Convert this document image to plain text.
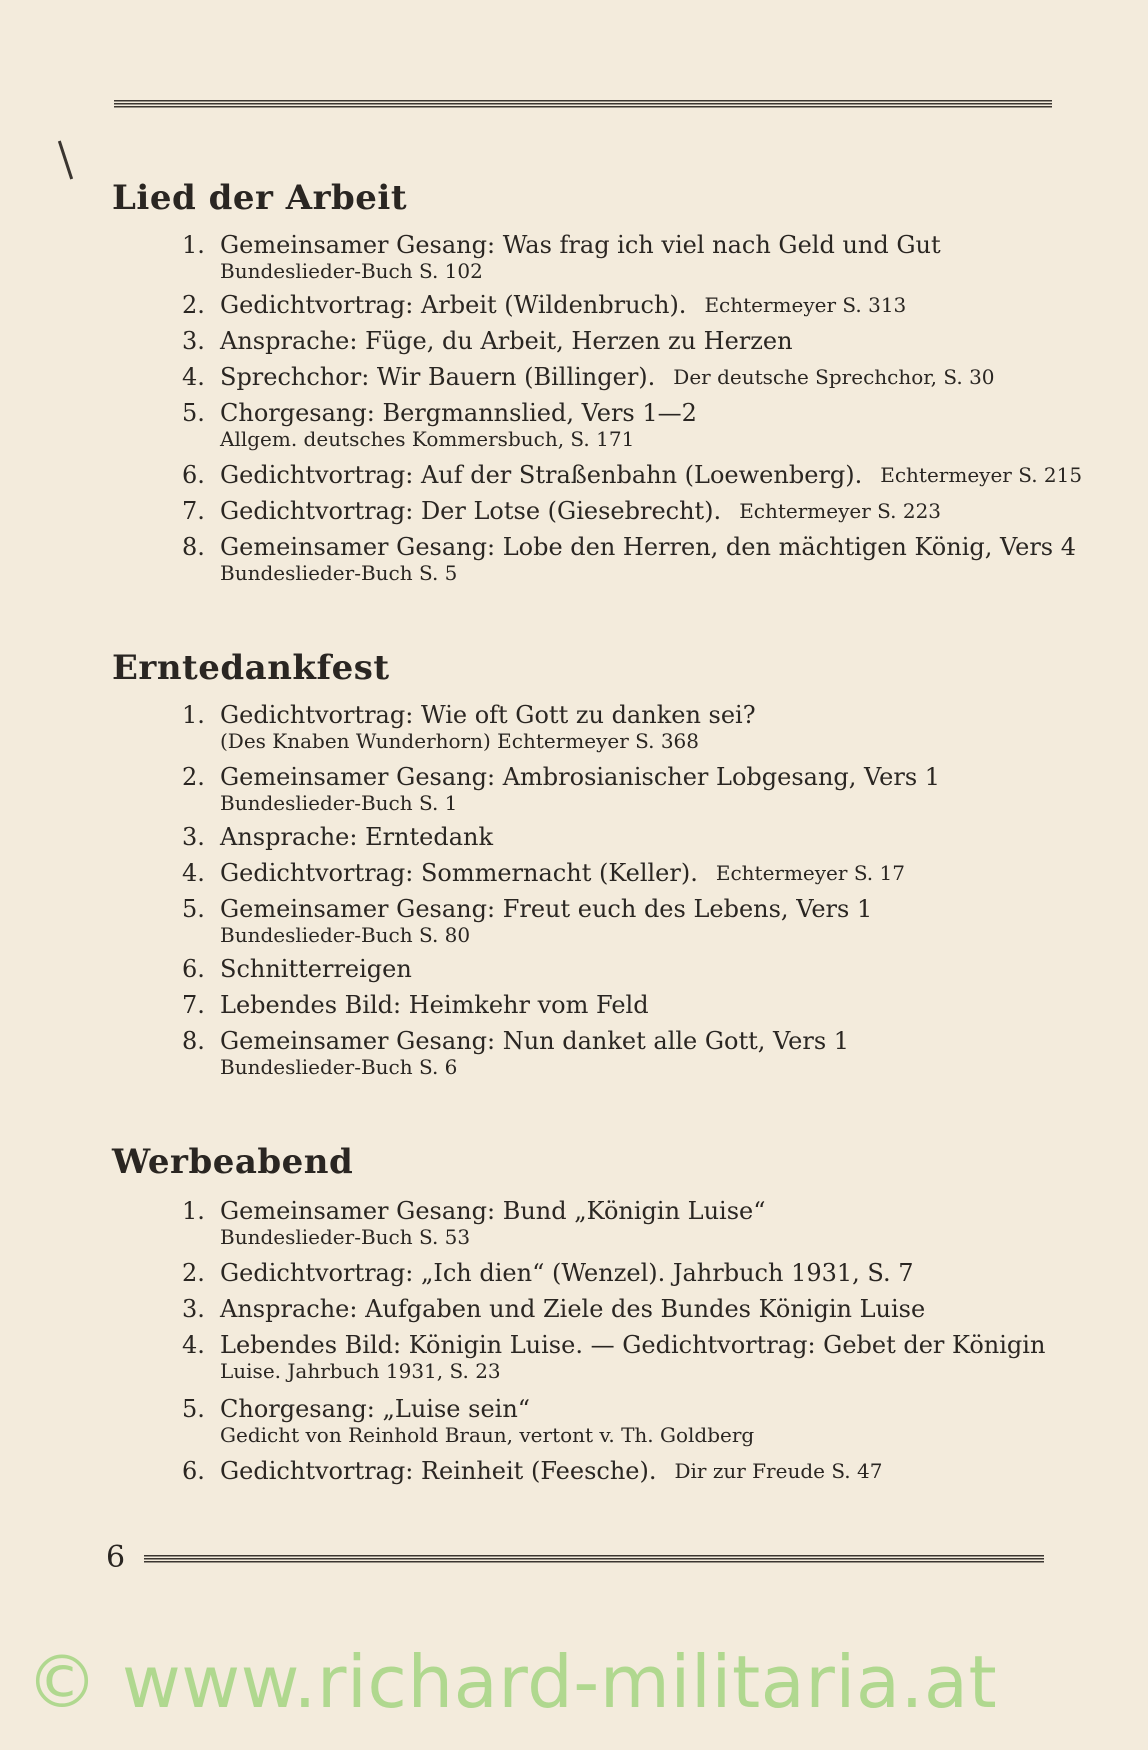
Lied der Arbeit
1. Gemeinsamer Gesang: Was frag ich viel nach Geld und Gut
Bundeslieder-Buch S. 102
2. Gedichtvortrag: Arbeit (Wildenbruch). Echtermeyer S. 313
3. Ansprache: Füge, du Arbeit, Herzen zu Herzen
4. Sprechchor: Wir Bauern (Billinger). Der deutsche Sprechchor, S. 30
5. Chorgesang: Bergmannslied, Vers 1—2
Allgem. deutsches Kommersbuch, S. 171
6. Gedichtvortrag: Auf der Straßenbahn (Loewenberg). Echtermeyer S. 215
7. Gedichtvortrag: Der Lotse (Giesebrecht). Echtermeyer S. 223
8. Gemeinsamer Gesang: Lobe den Herren, den mächtigen König, Vers 4
Bundeslieder-Buch S. 5
Erntedankfest
1. Gedichtvortrag: Wie oft Gott zu danken sei?
(Des Knaben Wunderhorn) Echtermeyer S. 368
2. Gemeinsamer Gesang: Ambrosianischer Lobgesang, Vers 1
Bundeslieder-Buch S. 1
3. Ansprache: Erntedank
4. Gedichtvortrag: Sommernacht (Keller). Echtermeyer S. 17
5. Gemeinsamer Gesang: Freut euch des Lebens, Vers 1
Bundeslieder-Buch S. 80
6. Schnitterreigen
7. Lebendes Bild: Heimkehr vom Feld
8. Gemeinsamer Gesang: Nun danket alle Gott, Vers 1
Bundeslieder-Buch S. 6
Werbeabend
1. Gemeinsamer Gesang: Bund „Königin Luise“
Bundeslieder-Buch S. 53
2. Gedichtvortrag: „Ich dien“ (Wenzel). Jahrbuch 1931, S. 7
3. Ansprache: Aufgaben und Ziele des Bundes Königin Luise
4. Lebendes Bild: Königin Luise. — Gedichtvortrag: Gebet der Königin
Luise. Jahrbuch 1931, S. 23
5. Chorgesang: „Luise sein“
Gedicht von Reinhold Braun, vertont v. Th. Goldberg
6. Gedichtvortrag: Reinheit (Feesche). Dir zur Freude S. 47
6
© www.richard-militaria.at
